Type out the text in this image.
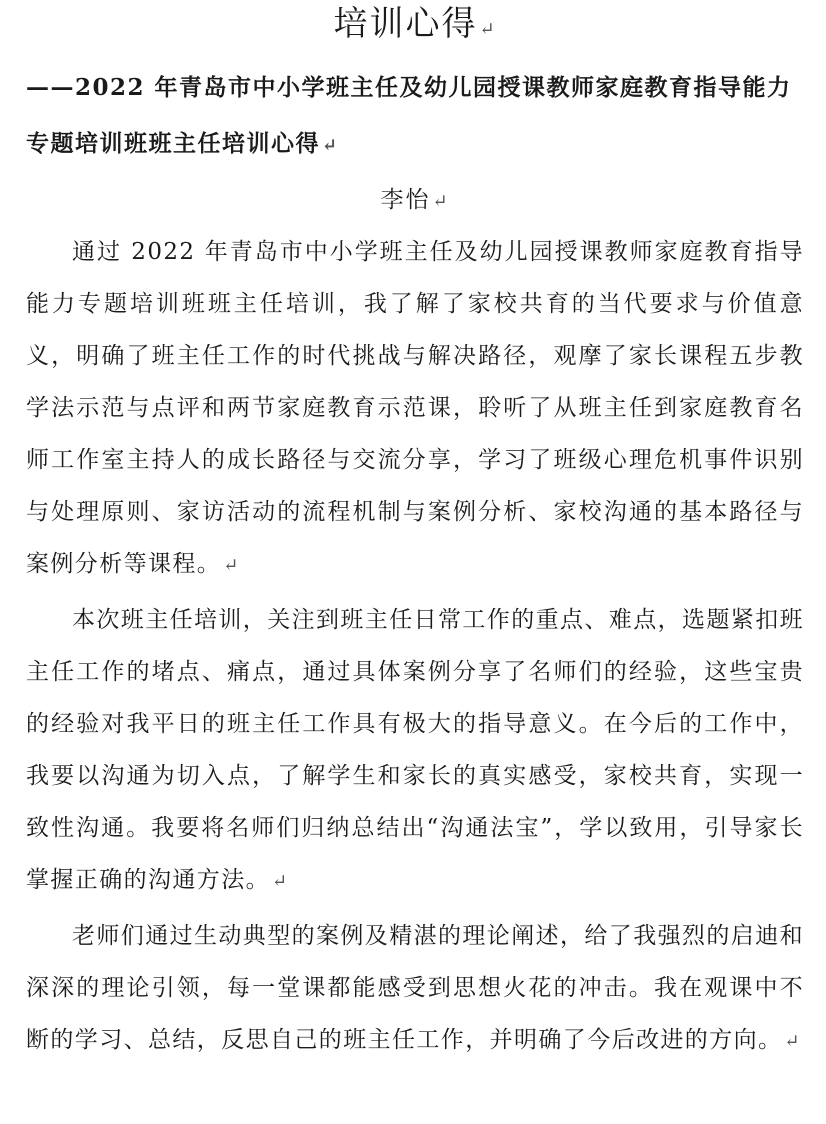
培训心得 ↵
——2022 年青岛市中小学班主任及幼儿园授课教师家庭教育指导能力专题培训班班主任培训心得 ↵
李怡 ↵

通过 2022 年青岛市中小学班主任及幼儿园授课教师家庭教育指导能力专题培训班班主任培训，我了解了家校共育的当代要求与价值意义，明确了班主任工作的时代挑战与解决路径，观摩了家长课程五步教学法示范与点评和两节家庭教育示范课，聆听了从班主任到家庭教育名师工作室主持人的成长路径与交流分享，学习了班级心理危机事件识别与处理原则、家访活动的流程机制与案例分析、家校沟通的基本路径与案例分析等课程。 ↵

本次班主任培训，关注到班主任日常工作的重点、难点，选题紧扣班主任工作的堵点、痛点，通过具体案例分享了名师们的经验，这些宝贵的经验对我平日的班主任工作具有极大的指导意义。在今后的工作中，我要以沟通为切入点，了解学生和家长的真实感受，家校共育，实现一致性沟通。我要将名师们归纳总结出“沟通法宝”，学以致用，引导家长掌握正确的沟通方法。 ↵

老师们通过生动典型的案例及精湛的理论阐述，给了我强烈的启迪和深深的理论引领，每一堂课都能感受到思想火花的冲击。我在观课中不断的学习、总结，反思自己的班主任工作，并明确了今后改进的方向。 ↵
